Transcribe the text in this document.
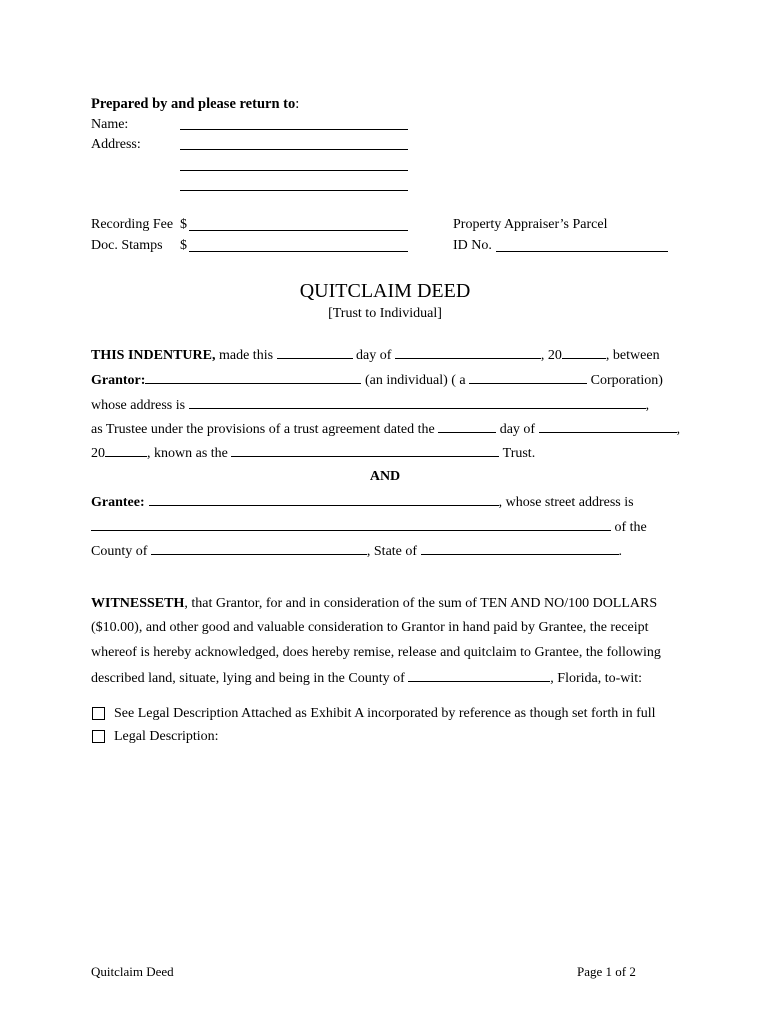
Prepared by and please return to:
Name:
Address:
Recording Fee $
Doc. Stamps $
Property Appraiser’s Parcel
ID No.
QUITCLAIM DEED
[Trust to Individual]
THIS INDENTURE, made this	day of	, 20	, between
Grantor:	(an individual) ( a	Corporation)
whose address is	,
as Trustee under the provisions of a trust agreement dated the	day of	,
20	, known as the	Trust.
AND
Grantee:	, whose street address is
of the
County of	, State of	.
WITNESSETH, that Grantor, for and in consideration of the sum of TEN AND NO/100 DOLLARS
($10.00), and other good and valuable consideration to Grantor in hand paid by Grantee, the receipt
whereof is hereby acknowledged, does hereby remise, release and quitclaim to Grantee, the following
described land, situate, lying and being in the County of	, Florida, to-wit:
See Legal Description Attached as Exhibit A incorporated by reference as though set forth in full
Legal Description:
Quitclaim Deed	Page 1 of 2
